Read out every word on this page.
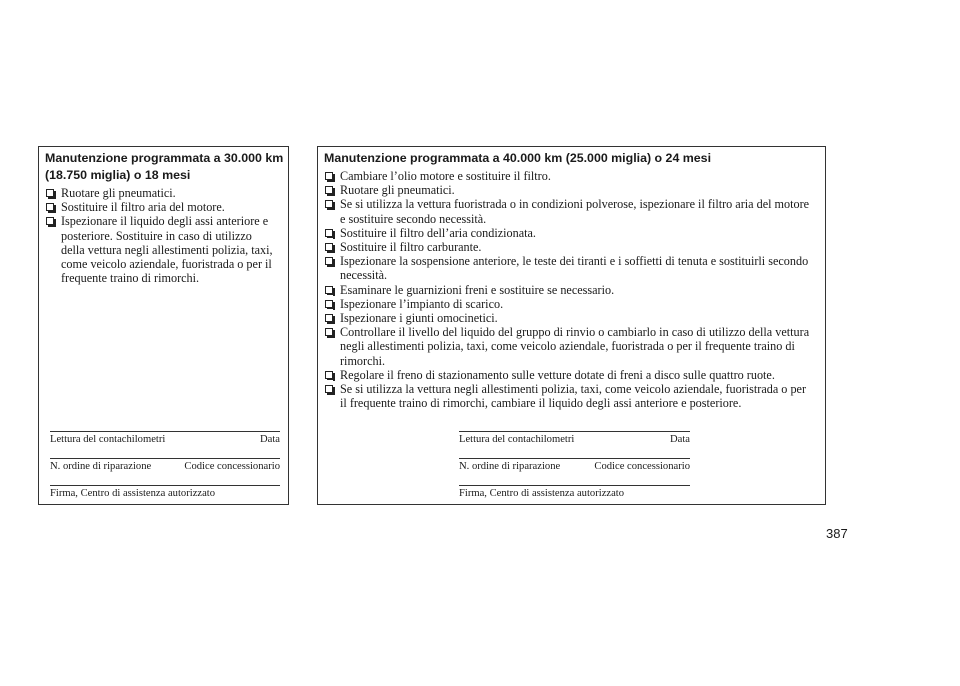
Manutenzione programmata a 30.000 km
(18.750 miglia) o 18 mesi
Ruotare gli pneumatici.
Sostituire il filtro aria del motore.
Ispezionare il liquido degli assi anteriore e posteriore. Sostituire in caso di utilizzo della vettura negli allestimenti polizia, taxi, come veicolo aziendale, fuoristrada o per il frequente traino di rimorchi.
Lettura del contachilometri	Data
N. ordine di riparazione	Codice concessionario
Firma, Centro di assistenza autorizzato
Manutenzione programmata a 40.000 km (25.000 miglia) o 24 mesi
Cambiare l’olio motore e sostituire il filtro.
Ruotare gli pneumatici.
Se si utilizza la vettura fuoristrada o in condizioni polverose, ispezionare il filtro aria del motore e sostituire secondo necessità.
Sostituire il filtro dell’aria condizionata.
Sostituire il filtro carburante.
Ispezionare la sospensione anteriore, le teste dei tiranti e i soffietti di tenuta e sostituirli secondo necessità.
Esaminare le guarnizioni freni e sostituire se necessario.
Ispezionare l’impianto di scarico.
Ispezionare i giunti omocinetici.
Controllare il livello del liquido del gruppo di rinvio o cambiarlo in caso di utilizzo della vettura negli allestimenti polizia, taxi, come veicolo aziendale, fuoristrada o per il frequente traino di rimorchi.
Regolare il freno di stazionamento sulle vetture dotate di freni a disco sulle quattro ruote.
Se si utilizza la vettura negli allestimenti polizia, taxi, come veicolo aziendale, fuoristrada o per il frequente traino di rimorchi, cambiare il liquido degli assi anteriore e posteriore.
Lettura del contachilometri	Data
N. ordine di riparazione	Codice concessionario
Firma, Centro di assistenza autorizzato
387
